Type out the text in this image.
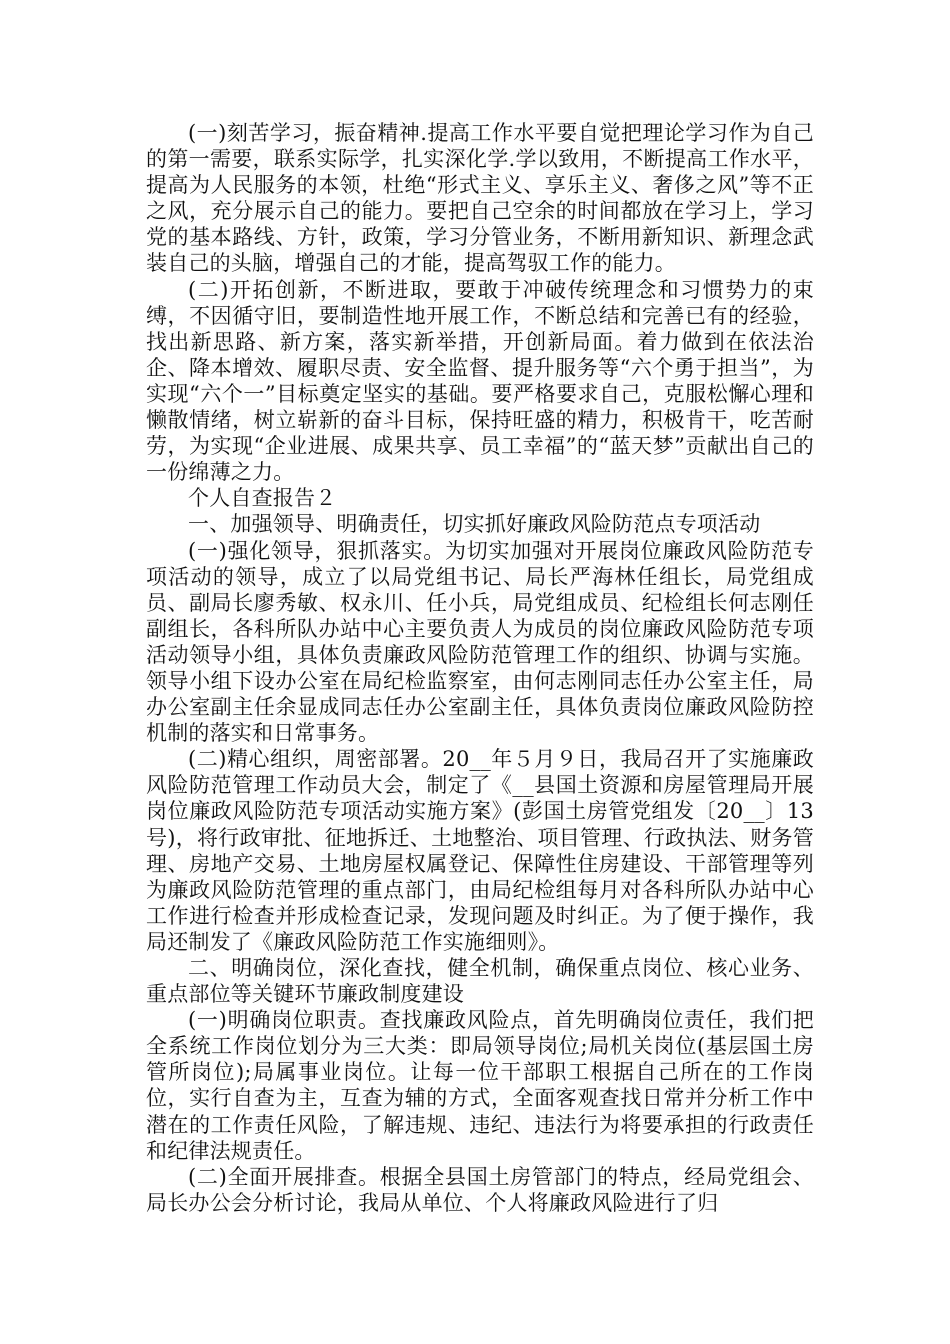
(一)刻苦学习，振奋精神.提高工作水平要自觉把理论学习作为自己的第一需要，联系实际学，扎实深化学.学以致用，不断提高工作水平，提高为人民服务的本领，杜绝“形式主义、享乐主义、奢侈之风”等不正之风，充分展示自己的能力。要把自己空余的时间都放在学习上，学习党的基本路线、方针，政策，学习分管业务，不断用新知识、新理念武装自己的头脑，增强自己的才能，提高驾驭工作的能力。

(二)开拓创新，不断进取，要敢于冲破传统理念和习惯势力的束缚，不因循守旧，要制造性地开展工作，不断总结和完善已有的经验，找出新思路、新方案，落实新举措，开创新局面。着力做到在依法治企、降本增效、履职尽责、安全监督、提升服务等“六个勇于担当”，为实现“六个一”目标奠定坚实的基础。要严格要求自己，克服松懈心理和懒散情绪，树立崭新的奋斗目标，保持旺盛的精力，积极肯干，吃苦耐劳，为实现“企业进展、成果共享、员工幸福”的“蓝天梦”贡献出自己的一份绵薄之力。

个人自查报告２

一、加强领导、明确责任，切实抓好廉政风险防范点专项活动

(一)强化领导，狠抓落实。为切实加强对开展岗位廉政风险防范专项活动的领导，成立了以局党组书记、局长严海林任组长，局党组成员、副局长廖秀敏、权永川、任小兵，局党组成员、纪检组长何志刚任副组长，各科所队办站中心主要负责人为成员的岗位廉政风险防范专项活动领导小组，具体负责廉政风险防范管理工作的组织、协调与实施。领导小组下设办公室在局纪检监察室，由何志刚同志任办公室主任，局办公室副主任余显成同志任办公室副主任，具体负责岗位廉政风险防控机制的落实和日常事务。

(二)精心组织，周密部署。20__年５月９日，我局召开了实施廉政风险防范管理工作动员大会，制定了《__县国土资源和房屋管理局开展岗位廉政风险防范专项活动实施方案》(彭国土房管党组发〔20__〕13号)，将行政审批、征地拆迁、土地整治、项目管理、行政执法、财务管理、房地产交易、土地房屋权属登记、保障性住房建设、干部管理等列为廉政风险防范管理的重点部门，由局纪检组每月对各科所队办站中心工作进行检查并形成检查记录，发现问题及时纠正。为了便于操作，我局还制发了《廉政风险防范工作实施细则》。

二、明确岗位，深化查找，健全机制，确保重点岗位、核心业务、重点部位等关键环节廉政制度建设

(一)明确岗位职责。查找廉政风险点，首先明确岗位责任，我们把全系统工作岗位划分为三大类：即局领导岗位;局机关岗位(基层国土房管所岗位);局属事业岗位。让每一位干部职工根据自己所在的工作岗位，实行自查为主，互查为辅的方式，全面客观查找日常并分析工作中潜在的工作责任风险，了解违规、违纪、违法行为将要承担的行政责任和纪律法规责任。

(二)全面开展排查。根据全县国土房管部门的特点，经局党组会、局长办公会分析讨论，我局从单位、个人将廉政风险进行了归
